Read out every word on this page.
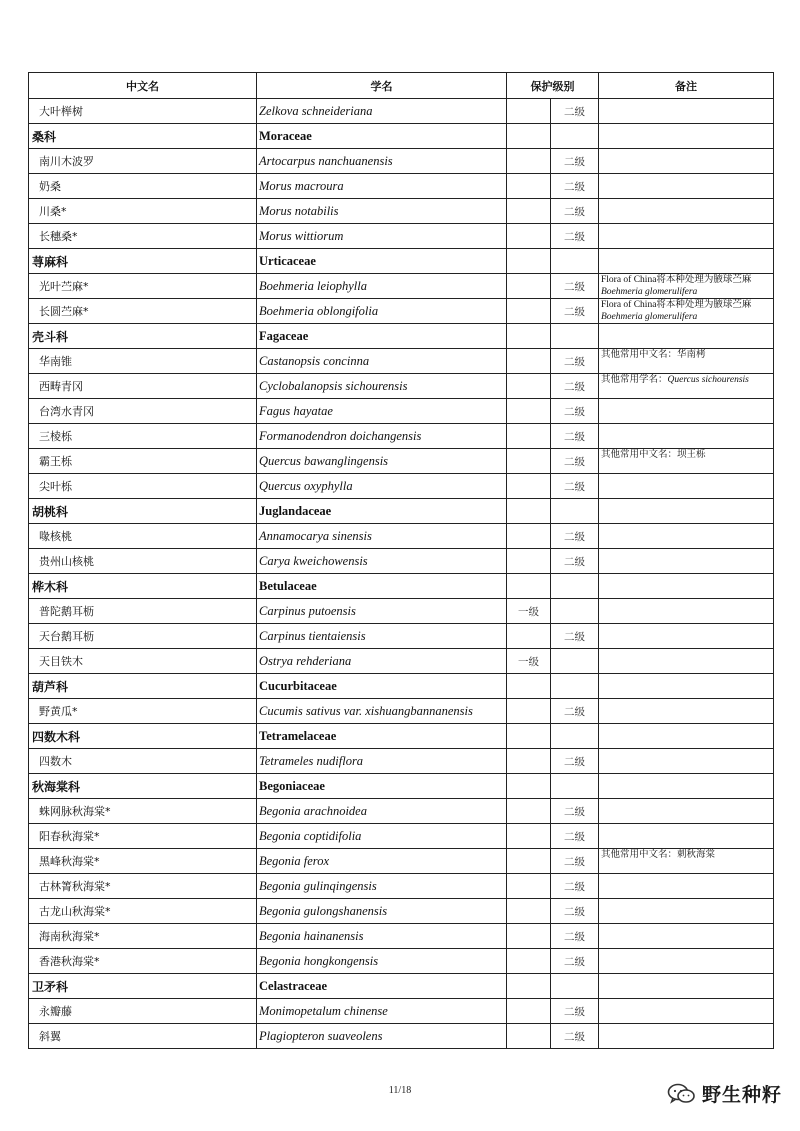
中文名	学名	保护级别		备注
大叶榉树	Zelkova schneideriana		二级	
桑科	Moraceae			
南川木波罗	Artocarpus nanchuanensis		二级	
奶桑	Morus macroura		二级	
川桑*	Morus notabilis		二级	
长穗桑*	Morus wittiorum		二级	
荨麻科	Urticaceae			
光叶苎麻*	Boehmeria leiophylla		二级	Flora of China将本种处理为腋球苎麻Boehmeria glomerulifera

长圆苎麻*	Boehmeria oblongifolia		二级	Flora of China将本种处理为腋球苎麻Boehmeria glomerulifera

壳斗科	Fagaceae			
华南锥	Castanopsis concinna		二级	其他常用中文名：华南栲
西畴青冈	Cyclobalanopsis sichourensis		二级	其他常用学名：Quercus sichourensis

台湾水青冈	Fagus hayatae		二级	
三棱栎	Formanodendron doichangensis		二级	
霸王栎	Quercus bawanglingensis		二级	其他常用中文名：坝王栎
尖叶栎	Quercus oxyphylla		二级	
胡桃科	Juglandaceae			
喙核桃	Annamocarya sinensis		二级	
贵州山核桃	Carya kweichowensis		二级	
桦木科	Betulaceae			
普陀鹅耳枥	Carpinus putoensis	一级		
天台鹅耳枥	Carpinus tientaiensis		二级	
天目铁木	Ostrya rehderiana	一级		
葫芦科	Cucurbitaceae			
野黄瓜*	Cucumis sativus var. xishuangbannanensis		二级	
四数木科	Tetramelaceae			
四数木	Tetrameles nudiflora		二级	
秋海棠科	Begoniaceae			
蛛网脉秋海棠*	Begonia arachnoidea		二级	
阳春秋海棠*	Begonia coptidifolia		二级	
黑峰秋海棠*	Begonia ferox		二级	其他常用中文名：刺秋海棠
古林箐秋海棠*	Begonia gulinqingensis		二级	
古龙山秋海棠*	Begonia gulongshanensis		二级	
海南秋海棠*	Begonia hainanensis		二级	
香港秋海棠*	Begonia hongkongensis		二级	
卫矛科	Celastraceae			
永瓣藤	Monimopetalum chinense		二级	
斜翼	Plagiopteron suaveolens		二级	
11/18	野生种籽
